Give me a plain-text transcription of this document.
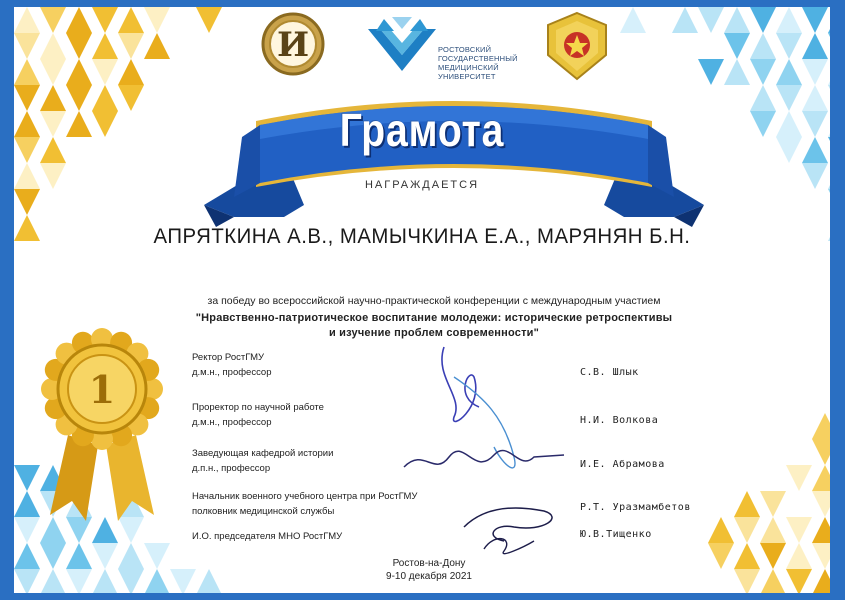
И	РОСТОВСКИЙ
ГОСУДАРСТВЕННЫЙ
МЕДИЦИНСКИЙ
УНИВЕРСИТЕТ
Грамота
НАГРАЖДАЕТСЯ
АПРЯТКИНА А.В., МАМЫЧКИНА Е.А., МАРЯНЯН Б.Н.
за победу во всероссийской научно-практической конференции с международным участием
"Нравственно-патриотическое воспитание молодежи: исторические ретроспективы
и изучение проблем современности"
1
Ректор РостГМУ
д.м.н., профессор	С.В. Шлык
Проректор по научной работе
д.м.н., профессор	Н.И. Волкова
Заведующая кафедрой истории
д.п.н., профессор	И.Е. Абрамова
Начальник военного учебного центра при РостГМУ
полковник медицинской службы	Р.Т. Уразмамбетов
И.О. председателя МНО РостГМУ	Ю.В.Тищенко
Ростов-на-Дону
9-10 декабря 2021
